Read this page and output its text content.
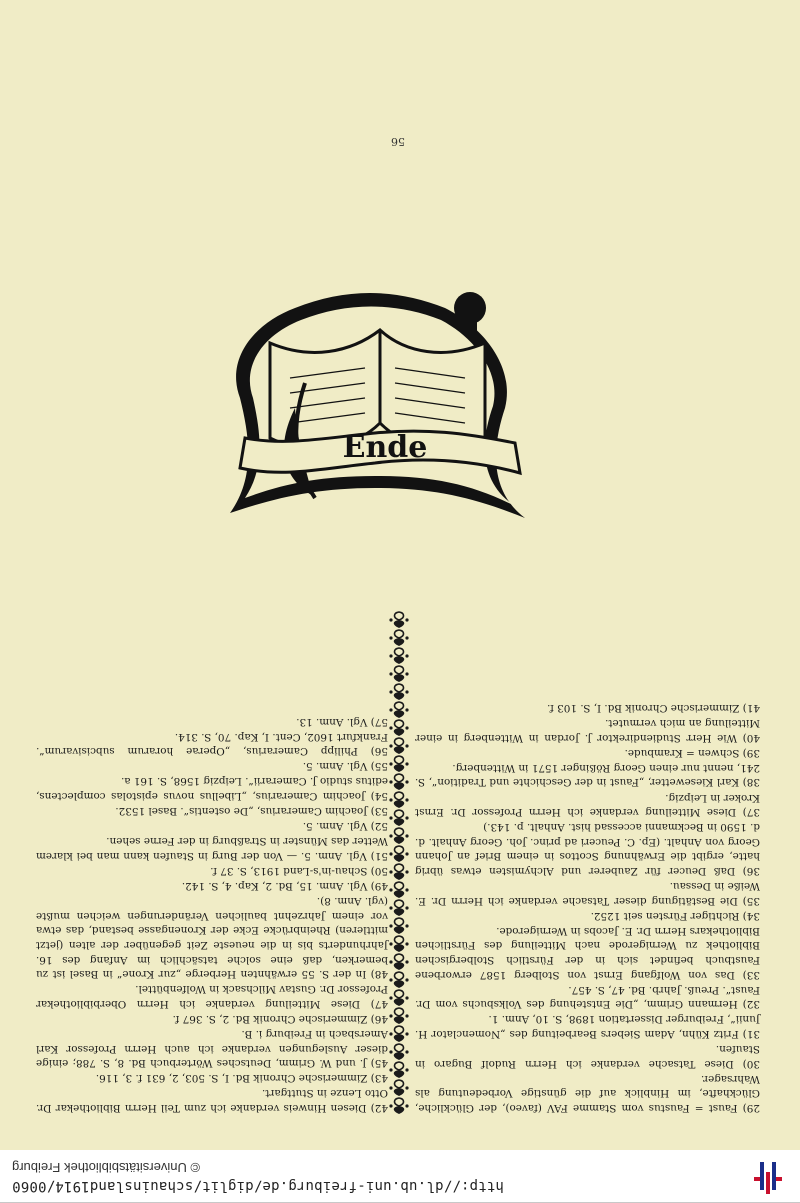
http://dl.ub.uni-freiburg.de/diglit/schauinsland1914/0060
© Universitätsbibliothek Freiburg

29) Faust = Faustus vom Stamme FAV (faveo), der Glückliche, Glückhafte, im Hinblick auf die günstige Vorbedeutung als Wahrsager.

30) Diese Tatsache verdanke ich Herrn Rudolf Bugaro in Staufen.

31) Fritz Kühn, Adam Siebers Bearbeitung des „Nomenclator H. Junii“, Freiburger Dissertation 1898, S. 10, Anm. 1.

32) Hermann Grimm, „Die Entstehung des Volksbuchs vom Dr. Faust“. Preuß. Jahrb. Bd. 47, S. 457.

33) Das von Wolfgang Ernst von Stolberg 1587 erworbene Faustbuch befindet sich in der Fürstlich Stolbergischen Bibliothek zu Wernigerode nach Mitteilung des Fürstlichen Bibliothekars Herrn Dr. E. Jacobs in Wernigerode.

34) Richtiger Fürsten seit 1252.

35) Die Bestätigung dieser Tatsache verdanke ich Herrn Dr. E. Weiße in Dessau.

36) Daß Deucer für Zauberer und Alchymisten etwas übrig hatte, ergibt die Erwähnung Scottos in einem Brief an Johann Georg von Anhalt. (Ep. C. Peuceri ad princ. Joh. Georg Anhalt. d. d. 1590 in Beckmanni accessad hist. Anhalt. p. 143.)

37) Diese Mitteilung verdanke ich Herrn Professor Dr. Ernst Kroker in Leipzig.

38) Karl Kiesewetter, „Faust in der Geschichte und Tradition“, S. 241, nennt nur einen Georg Rößinger 1571 in Wittenberg.

39) Schwen = Krambude.

40) Wie Herr Studiendirektor J. Jordan in Wittenberg in einer Mitteilung an mich vermutet.

41) Zimmerische Chronik Bd. I, S. 103 f.

42) Diesen Hinweis verdanke ich zum Teil Herrn Bibliothekar Dr. Otto Lenze in Stuttgart.

43) Zimmerische Chronik Bd. I, S. 503, 2, 631 f. 3, 116.

45) J. und W. Grimm, Deutsches Wörterbuch Bd. 8, S. 788; einige dieser Auslegungen verdanke ich auch Herrn Professor Karl Amersbach in Freiburg i. B.

46) Zimmerische Chronik Bd. 2, S. 367 f.

47) Diese Mitteilung verdanke ich Herrn Oberbibliothekar Professor Dr. Gustav Milchsack in Wolfenbüttel.

48) In der S. 55 erwähnten Herberge „zur Krone“ in Basel ist zu bemerken, daß eine solche tatsächlich im Anfang des 16. Jahrhunderts bis in die neueste Zeit gegenüber der alten (jetzt mittleren) Rheinbrücke Ecke der Kronengasse bestand, das etwa vor einem Jahrzehnt baulichen Veränderungen weichen mußte (vgl. Anm. 8).

49) Vgl. Anm. 15, Bd. 2, Kap. 4, S. 142.

50) Schau-in's-Land 1913, S. 37 f.

51) Vgl. Anm. 5. — Von der Burg in Staufen kann man bei klarem Wetter das Münster in Straßburg in der Ferne sehen.

52) Vgl. Anm. 5.

53) Joachim Camerarius, „De ostentis“. Basel 1532.

54) Joachim Camerarius, „Libellus novus epistolas complectens, editus studio J. Camerarii“. Leipzig 1568, S. 161 a.

55) Vgl. Anm. 5.

56) Philipp Camerarius, „Operae horarum subcisivarum“. Frankfurt 1602, Cent. I, Kap. 70, S. 314.

57) Vgl. Anm. 13.

Ende
56
